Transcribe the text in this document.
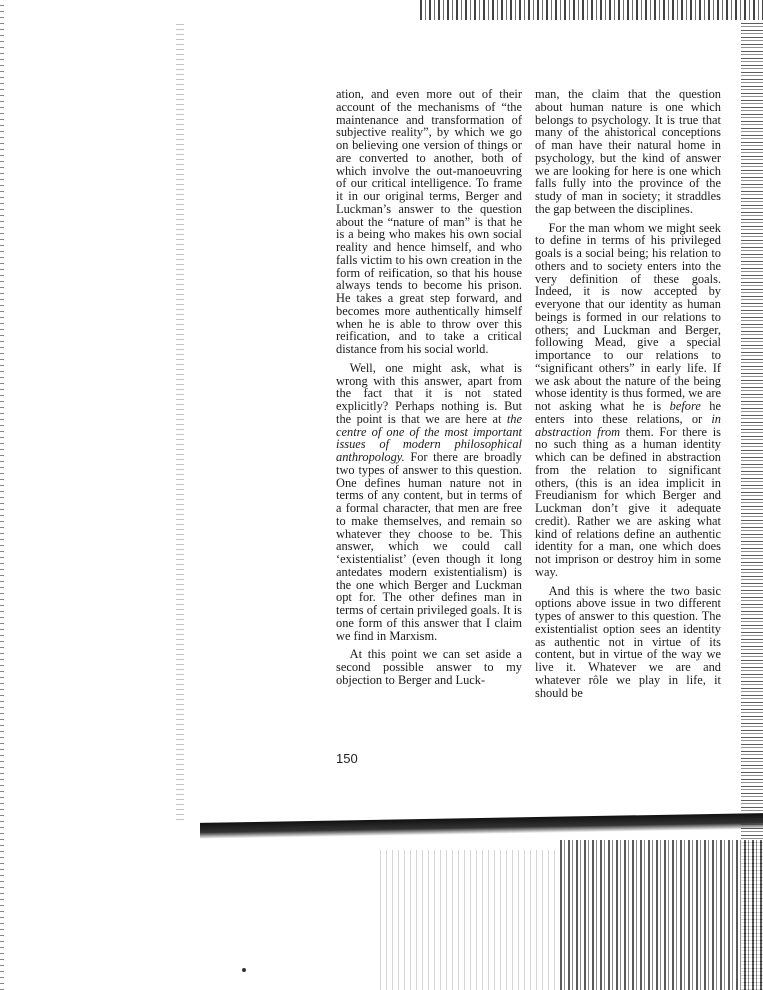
ation, and even more out of their account of the mechanisms of “the maintenance and transformation of subjective reality”, by which we go on believing one version of things or are converted to another, both of which involve the out-manoeuvring of our critical intelligence. To frame it in our original terms, Berger and Luckman’s answer to the question about the “nature of man” is that he is a being who makes his own social reality and hence himself, and who falls victim to his own creation in the form of reification, so that his house always tends to become his prison. He takes a great step forward, and becomes more authentically himself when he is able to throw over this reification, and to take a critical distance from his social world.

Well, one might ask, what is wrong with this answer, apart from the fact that it is not stated explicitly? Perhaps nothing is. But the point is that we are here at the centre of one of the most important issues of modern philosophical anthropology. For there are broadly two types of answer to this question. One defines human nature not in terms of any content, but in terms of a formal character, that men are free to make themselves, and remain so whatever they choose to be. This answer, which we could call ‘existentialist’ (even though it long antedates modern existentialism) is the one which Berger and Luckman opt for. The other defines man in terms of certain privileged goals. It is one form of this answer that I claim we find in Marxism.

At this point we can set aside a second possible answer to my objection to Berger and Luck-

man, the claim that the question about human nature is one which belongs to psychology. It is true that many of the ahistorical conceptions of man have their natural home in psychology, but the kind of answer we are looking for here is one which falls fully into the province of the study of man in society; it straddles the gap between the disciplines.

For the man whom we might seek to define in terms of his privileged goals is a social being; his relation to others and to society enters into the very definition of these goals. Indeed, it is now accepted by everyone that our identity as human beings is formed in our relations to others; and Luckman and Berger, following Mead, give a special importance to our relations to “significant others” in early life. If we ask about the nature of the being whose identity is thus formed, we are not asking what he is before he enters into these relations, or in abstraction from them. For there is no such thing as a human identity which can be defined in abstraction from the relation to significant others, (this is an idea implicit in Freudianism for which Berger and Luckman don’t give it adequate credit). Rather we are asking what kind of relations define an authentic identity for a man, one which does not imprison or destroy him in some way.

And this is where the two basic options above issue in two different types of answer to this question. The existentialist option sees an identity as authentic not in virtue of its content, but in virtue of the way we live it. Whatever we are and whatever rôle we play in life, it should be

150
